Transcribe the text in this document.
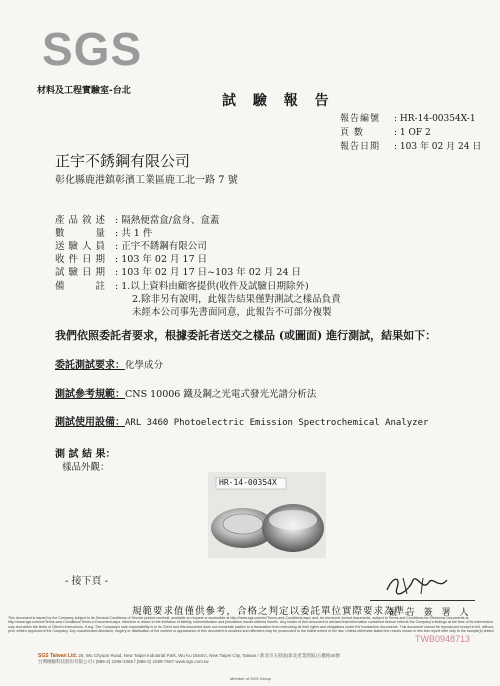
SGS
材料及工程實驗室-台北
試 驗 報 告
報告編號 : HR-14-00354X-1
頁 數	: 1 OF 2
報告日期 : 103 年 02 月 24 日
正宇不銹鋼有限公司
彰化縣鹿港鎮彰濱工業區鹿工北一路 7 號
產品敘述 : 隔熱便當盒/盒身、盒蓋
數　　量 : 共 1 件
送驗人員 : 正宇不銹鋼有限公司
收件日期 : 103 年 02 月 17 日
試驗日期 : 103 年 02 月 17 日~103 年 02 月 24 日
備　　註 : 1.以上資料由顧客提供(收件及試驗日期除外)
2.除非另有說明，此報告結果僅對測試之樣品負責
未經本公司事先書面同意，此報告不可部分複製
我們依照委託者要求，根據委託者送交之樣品 (或圖面) 進行測試，結果如下：
委託測試要求：化學成分
測試參考規範：CNS 10006 鐵及鋼之光電式發光光譜分析法
測試使用設備：ARL 3460 Photoelectric Emission Spectrochemical Analyzer
測 試 結 果：
樣品外觀：
HR-14-00354X
- 接下頁 -
規範要求值僅供參考，合格之判定以委託單位實際要求為準。
報 告 簽 署 人
This document is issued by the Company subject to its General Conditions of Service printed overleaf, available on request or accessible at http://www.sgs.com/en/Terms-and-Conditions.aspx and, for electronic format documents, subject to Terms and Conditions for Electronic Documents at http://www.sgs.com/en/Terms-and-Conditions/Terms-e-Document.aspx. Attention is drawn to the limitation of liability, indemnification and jurisdiction issues defined therein. Any holder of this document is advised that information contained hereon reflects the Company's findings at the time of its intervention only and within the limits of Client's instructions, if any. The Company's sole responsibility is to its Client and this document does not exonerate parties to a transaction from exercising all their rights and obligations under the transaction documents. This document cannot be reproduced except in full, without prior written approval of the Company. Any unauthorized alteration, forgery or falsification of the content or appearance of this document is unlawful and offenders may be prosecuted to the fullest extent of the law. Unless otherwise stated the results shown in this test report refer only to the sample(s) tested.
TWB0948713
SGS Taiwan Ltd. 25, Wu Chyuan Road, New Taipei Industrial Park, Wu Ku District, New Taipei City, Taiwan / 新北市五股區(新北產業園區)五權路25號
台灣檢驗科技股份有限公司 t (886-2) 2299-3355 f (886-2) 2299-7657 www.sgs.com.tw
Member of SGS Group
